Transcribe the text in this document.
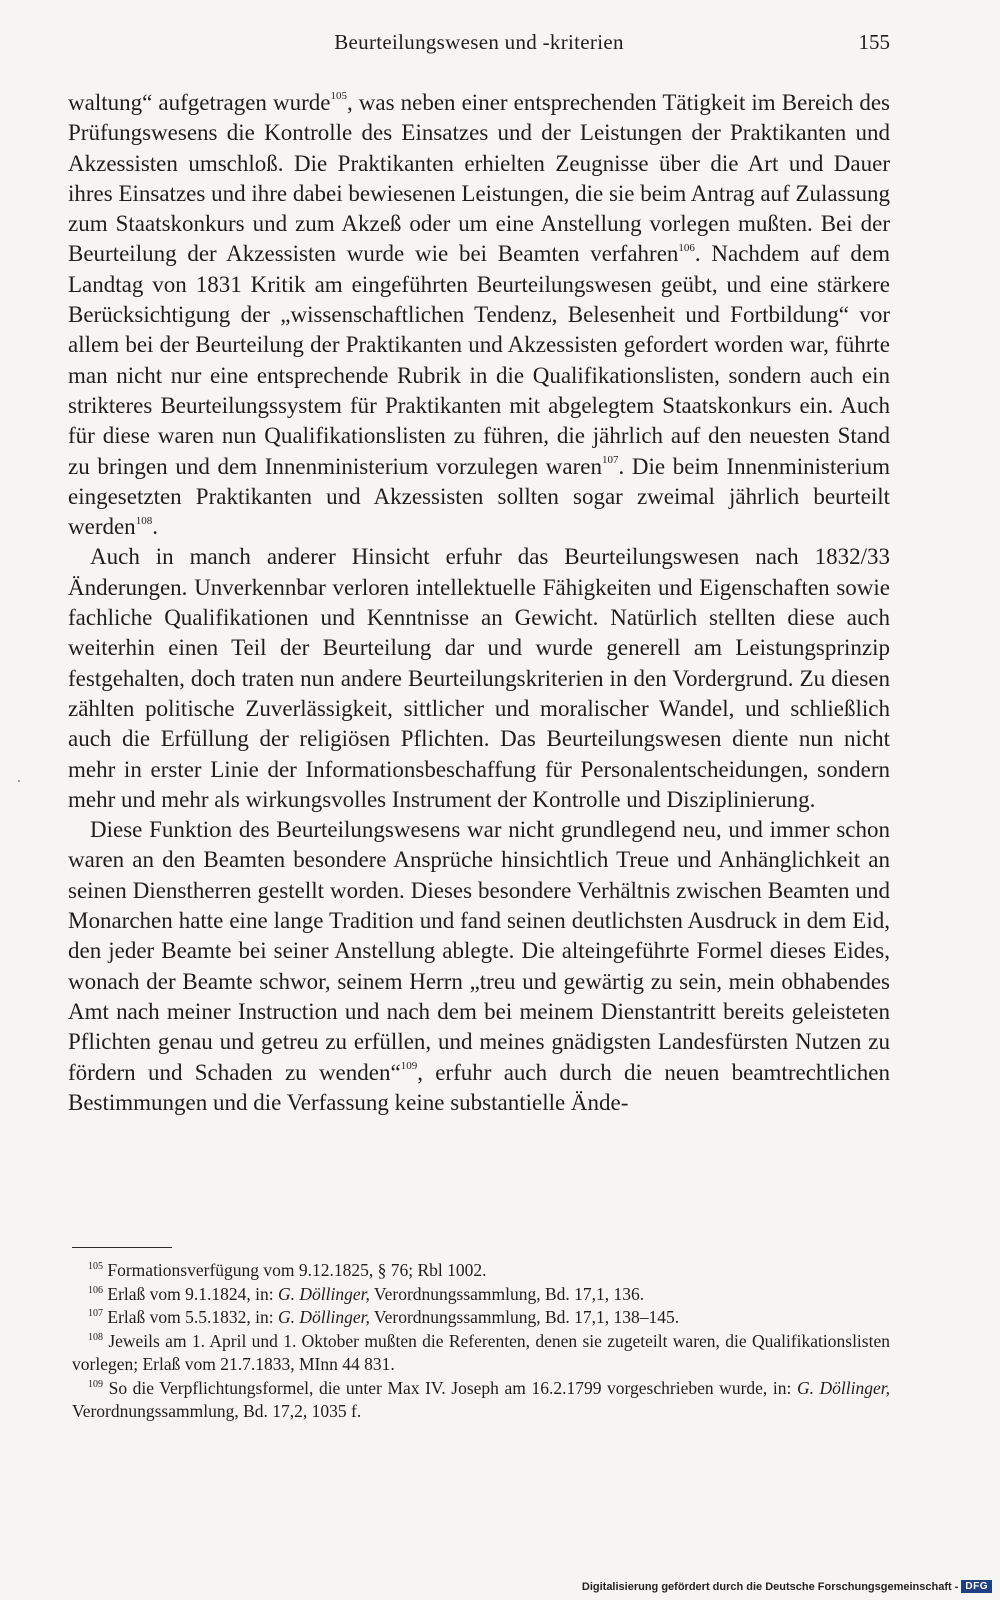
Beurteilungswesen und -kriterien	155

waltung“ aufgetragen wurde$^{105}$, was neben einer entsprechenden Tätigkeit im Bereich des Prüfungswesens die Kontrolle des Einsatzes und der Leistungen der Praktikanten und Akzessisten umschloß. Die Praktikanten erhielten Zeugnisse über die Art und Dauer ihres Einsatzes und ihre dabei bewiesenen Leistungen, die sie beim Antrag auf Zulassung zum Staatskonkurs und zum Akzeß oder um eine Anstellung vorlegen mußten. Bei der Beurteilung der Akzessisten wurde wie bei Beamten verfahren$^{106}$. Nachdem auf dem Landtag von 1831 Kritik am eingeführten Beurteilungswesen geübt, und eine stärkere Berücksichtigung der „wissenschaftlichen Tendenz, Belesenheit und Fortbildung“ vor allem bei der Beurteilung der Praktikanten und Akzessisten gefordert worden war, führte man nicht nur eine entsprechende Rubrik in die Qualifikationslisten, sondern auch ein strikteres Beurteilungssystem für Praktikanten mit abgelegtem Staatskonkurs ein. Auch für diese waren nun Qualifikationslisten zu führen, die jährlich auf den neuesten Stand zu bringen und dem Innenministerium vorzulegen waren$^{107}$. Die beim Innenministerium eingesetzten Praktikanten und Akzessisten sollten sogar zweimal jährlich beurteilt werden$^{108}$.

Auch in manch anderer Hinsicht erfuhr das Beurteilungswesen nach 1832/33 Änderungen. Unverkennbar verloren intellektuelle Fähigkeiten und Eigenschaften sowie fachliche Qualifikationen und Kenntnisse an Gewicht. Natürlich stellten diese auch weiterhin einen Teil der Beurteilung dar und wurde generell am Leistungsprinzip festgehalten, doch traten nun andere Beurteilungskriterien in den Vordergrund. Zu diesen zählten politische Zuverlässigkeit, sittlicher und moralischer Wandel, und schließlich auch die Erfüllung der religiösen Pflichten. Das Beurteilungswesen diente nun nicht mehr in erster Linie der Informationsbeschaffung für Personalentscheidungen, sondern mehr und mehr als wirkungsvolles Instrument der Kontrolle und Disziplinierung.

Diese Funktion des Beurteilungswesens war nicht grundlegend neu, und immer schon waren an den Beamten besondere Ansprüche hinsichtlich Treue und Anhänglichkeit an seinen Dienstherren gestellt worden. Dieses besondere Verhältnis zwischen Beamten und Monarchen hatte eine lange Tradition und fand seinen deutlichsten Ausdruck in dem Eid, den jeder Beamte bei seiner Anstellung ablegte. Die alteingeführte Formel dieses Eides, wonach der Beamte schwor, seinem Herrn „treu und gewärtig zu sein, mein obhabendes Amt nach meiner Instruction und nach dem bei meinem Dienstantritt bereits geleisteten Pflichten genau und getreu zu erfüllen, und meines gnädigsten Landesfürsten Nutzen zu fördern und Schaden zu wenden“$^{109}$, erfuhr auch durch die neuen beamtrechtlichen Bestimmungen und die Verfassung keine substantielle Ände-

$^{105}$ Formationsverfügung vom 9.12.1825, § 76; Rbl 1002.

$^{106}$ Erlaß vom 9.1.1824, in: G. Döllinger, Verordnungssammlung, Bd. 17,1, 136.

$^{107}$ Erlaß vom 5.5.1832, in: G. Döllinger, Verordnungssammlung, Bd. 17,1, 138–145.

$^{108}$ Jeweils am 1. April und 1. Oktober mußten die Referenten, denen sie zugeteilt waren, die Qualifikationslisten vorlegen; Erlaß vom 21.7.1833, MInn 44 831.

$^{109}$ So die Verpflichtungsformel, die unter Max IV. Joseph am 16.2.1799 vorgeschrieben wurde, in: G. Döllinger, Verordnungssammlung, Bd. 17,2, 1035 f.

Digitalisierung gefördert durch die Deutsche Forschungsgemeinschaft - DFG
